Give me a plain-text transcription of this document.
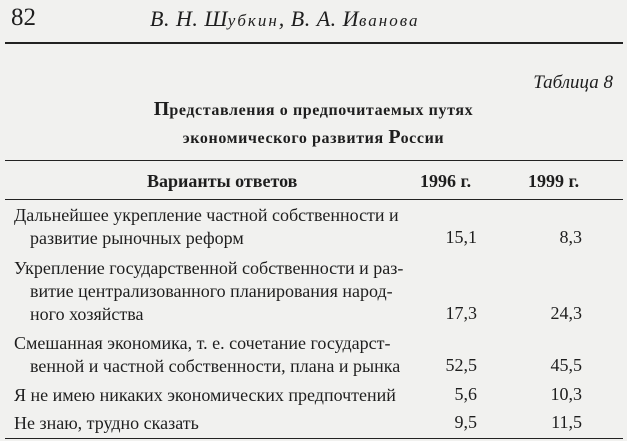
82	В. Н. Шубкин, В. А. Иванова
Таблица 8
Представления о предпочитаемых путях
экономического развития России
Варианты ответов	1996 г.	1999 г.
Дальнейшее укрепление частной собственности и
развитие рыночных реформ	15,1	8,3
Укрепление государственной собственности и раз-
витие централизованного планирования народ-
ного хозяйства	17,3	24,3
Смешанная экономика, т. е. сочетание государст-
венной и частной собственности, плана и рынка	52,5	45,5
Я не имею никаких экономических предпочтений	5,6	10,3
Не знаю, трудно сказать	9,5	11,5
